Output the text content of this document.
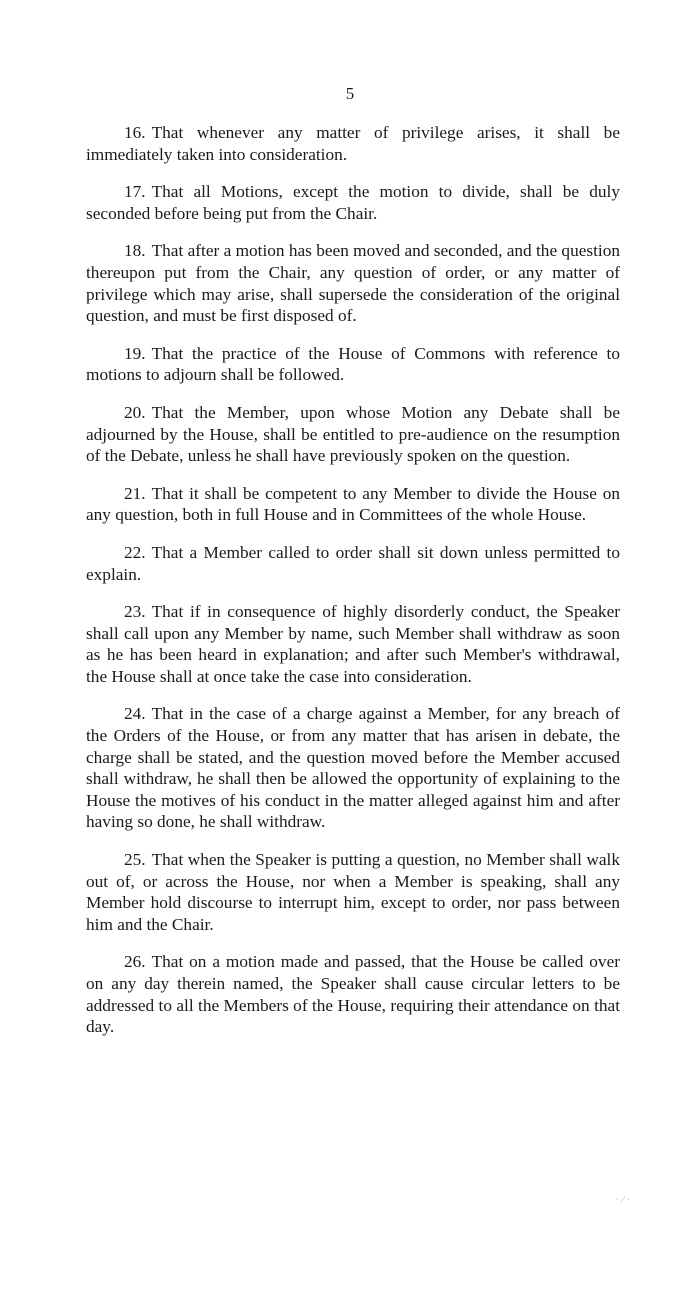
5

16. That whenever any matter of privilege arises, it shall be immediately taken into consideration.

17. That all Motions, except the motion to divide, shall be duly seconded before being put from the Chair.

18. That after a motion has been moved and seconded, and the question thereupon put from the Chair, any question of order, or any matter of privilege which may arise, shall supersede the consideration of the original question, and must be first disposed of.

19. That the practice of the House of Commons with reference to motions to adjourn shall be followed.

20. That the Member, upon whose Motion any Debate shall be adjourned by the House, shall be entitled to pre-audience on the resumption of the Debate, unless he shall have previously spoken on the question.

21. That it shall be competent to any Member to divide the House on any question, both in full House and in Committees of the whole House.

22. That a Member called to order shall sit down unless permitted to explain.

23. That if in consequence of highly disorderly conduct, the Speaker shall call upon any Member by name, such Member shall withdraw as soon as he has been heard in explanation; and after such Member's withdrawal, the House shall at once take the case into consideration.

24. That in the case of a charge against a Member, for any breach of the Orders of the House, or from any matter that has arisen in debate, the charge shall be stated, and the question moved before the Member accused shall withdraw, he shall then be allowed the opportunity of explaining to the House the motives of his conduct in the matter alleged against him and after having so done, he shall withdraw.

25. That when the Speaker is putting a question, no Member shall walk out of, or across the House, nor when a Member is speaking, shall any Member hold discourse to interrupt him, except to order, nor pass between him and the Chair.

26. That on a motion made and passed, that the House be called over on any day therein named, the Speaker shall cause circular letters to be addressed to all the Members of the House, requiring their attendance on that day.

· ⁄ ·
